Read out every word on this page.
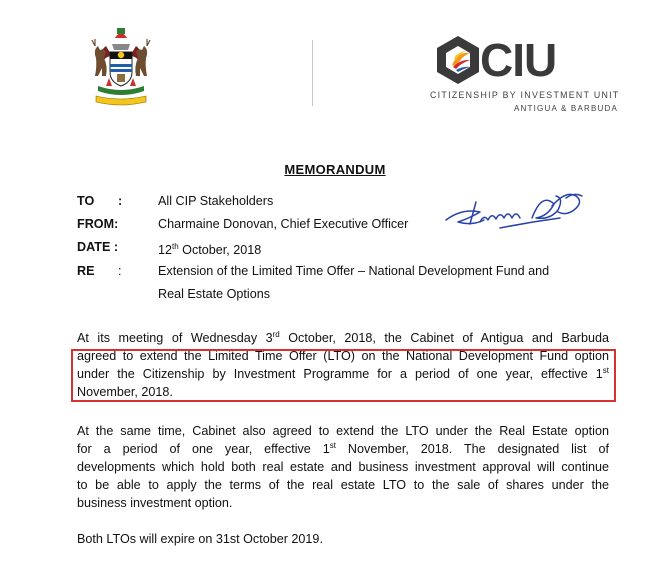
CIU
CITIZENSHIP BY INVESTMENT UNIT
ANTIGUA & BARBUDA
MEMORANDUM
TO :	All CIP Stakeholders
FROM:	Charmaine Donovan, Chief Executive Officer
DATE :	12th October, 2018
RE :	Extension of the Limited Time Offer – National Development Fund and
Real Estate Options
At its meeting of Wednesday 3rd October, 2018, the Cabinet of Antigua and Barbuda
agreed to extend the Limited Time Offer (LTO) on the National Development Fund option
under the Citizenship by Investment Programme for a period of one year, effective 1st
November, 2018.
At the same time, Cabinet also agreed to extend the LTO under the Real Estate option
for a period of one year, effective 1st November, 2018. The designated list of
developments which hold both real estate and business investment approval will continue
to be able to apply the terms of the real estate LTO to the sale of shares under the
business investment option.
Both LTOs will expire on 31st October 2019.
